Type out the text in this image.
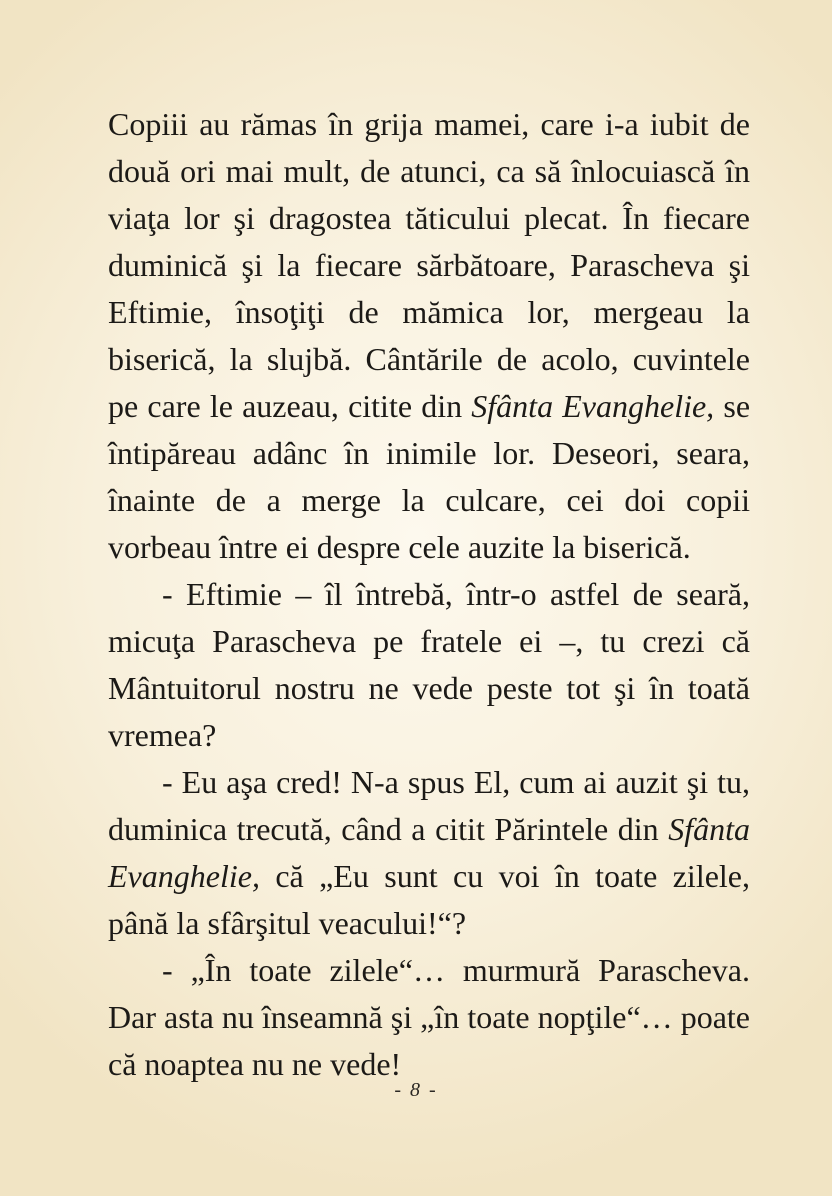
Copiii au rămas în grija mamei, care i-a iubit de două ori mai mult, de atunci, ca să înlocuiască în viaţa lor şi dragostea tăticului plecat. În fiecare duminică şi la fiecare sărbătoare, Parascheva şi Eftimie, însoţiţi de mămica lor, mergeau la biserică, la slujbă. Cântările de acolo, cuvintele pe care le auzeau, citite din Sfânta Evanghelie, se întipăreau adânc în inimile lor. Deseori, seara, înainte de a merge la culcare, cei doi copii vorbeau între ei despre cele auzite la biserică.

- Eftimie – îl întrebă, într-o astfel de seară, micuţa Parascheva pe fratele ei –, tu crezi că Mântuitorul nostru ne vede peste tot şi în toată vremea?

- Eu aşa cred! N-a spus El, cum ai auzit şi tu, duminica trecută, când a citit Părintele din Sfânta Evanghelie, că „Eu sunt cu voi în toate zilele, până la sfârşitul veacului!“?

- „În toate zilele“… murmură Parascheva. Dar asta nu înseamnă şi „în toate nopţile“… poate că noaptea nu ne vede!

- 8 -
